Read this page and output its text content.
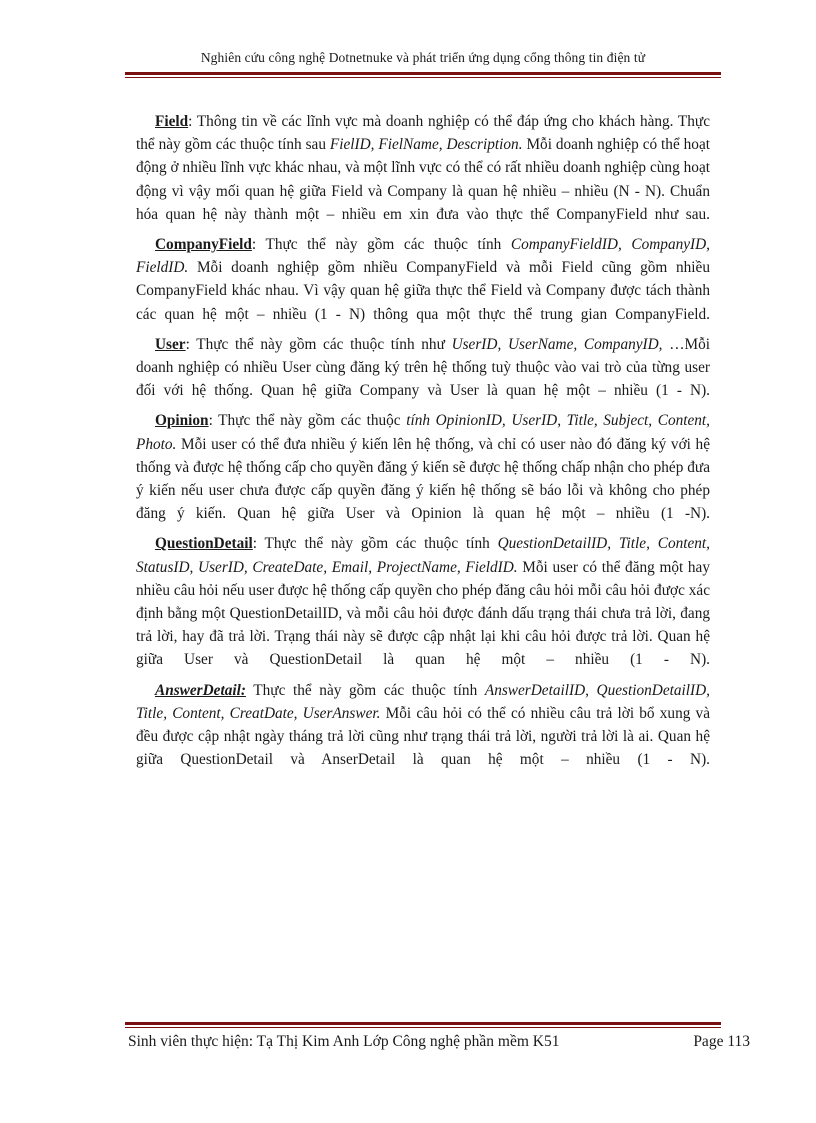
Nghiên cứu công nghệ Dotnetnuke và phát triển ứng dụng cổng thông tin điện tử

Field: Thông tin về các lĩnh vực mà doanh nghiệp có thể đáp ứng cho khách hàng. Thực thể này gồm các thuộc tính sau FielID, FielName, Description. Mỗi doanh nghiệp có thể hoạt động ở nhiều lĩnh vực khác nhau, và một lĩnh vực có thể có rất nhiều doanh nghiệp cùng hoạt động vì vậy mối quan hệ giữa Field và Company là quan hệ nhiều – nhiều (N - N). Chuẩn hóa quan hệ này thành một – nhiều em xin đưa vào thực thể CompanyField như sau.

CompanyField: Thực thể này gồm các thuộc tính CompanyFieldID, CompanyID, FieldID. Mỗi doanh nghiệp gồm nhiều CompanyField và mỗi Field cũng gồm nhiều CompanyField khác nhau. Vì vậy quan hệ giữa thực thể Field và Company được tách thành các quan hệ một – nhiều (1 - N) thông qua một thực thể trung gian CompanyField.

User: Thực thể này gồm các thuộc tính như UserID, UserName, CompanyID, …Mỗi doanh nghiệp có nhiều User cùng đăng ký trên hệ thống tuỳ thuộc vào vai trò của từng user đối với hệ thống. Quan hệ giữa Company và User là quan hệ một – nhiều (1 - N).

Opinion: Thực thể này gồm các thuộc tính OpinionID, UserID, Title, Subject, Content, Photo. Mỗi user có thể đưa nhiều ý kiến lên hệ thống, và chỉ có user nào đó đăng ký với hệ thống và được hệ thống cấp cho quyền đăng ý kiến sẽ được hệ thống chấp nhận cho phép đưa ý kiến nếu user chưa được cấp quyền đăng ý kiến hệ thống sẽ báo lỗi và không cho phép đăng ý kiến. Quan hệ giữa User và Opinion là quan hệ một – nhiều (1 -N).

QuestionDetail: Thực thể này gồm các thuộc tính QuestionDetailID, Title, Content, StatusID, UserID, CreateDate, Email, ProjectName, FieldID. Mỗi user có thể đăng một hay nhiều câu hỏi nếu user được hệ thống cấp quyền cho phép đăng câu hỏi mỗi câu hỏi được xác định bằng một QuestionDetailID, và mỗi câu hỏi được đánh dấu trạng thái chưa trả lời, đang trả lời, hay đã trả lời. Trạng thái này sẽ được cập nhật lại khi câu hỏi được trả lời. Quan hệ giữa User và QuestionDetail là quan hệ một – nhiều (1 - N).

AnswerDetail: Thực thể này gồm các thuộc tính AnswerDetailID, QuestionDetailID, Title, Content, CreatDate, UserAnswer. Mỗi câu hỏi có thể có nhiều câu trả lời bổ xung và đều được cập nhật ngày tháng trả lời cũng như trạng thái trả lời, người trả lời là ai. Quan hệ giữa QuestionDetail và AnserDetail là quan hệ một – nhiều (1 - N).

Sinh viên thực hiện: Tạ Thị Kim Anh Lớp Công nghệ phần mềm K51	Page 113
